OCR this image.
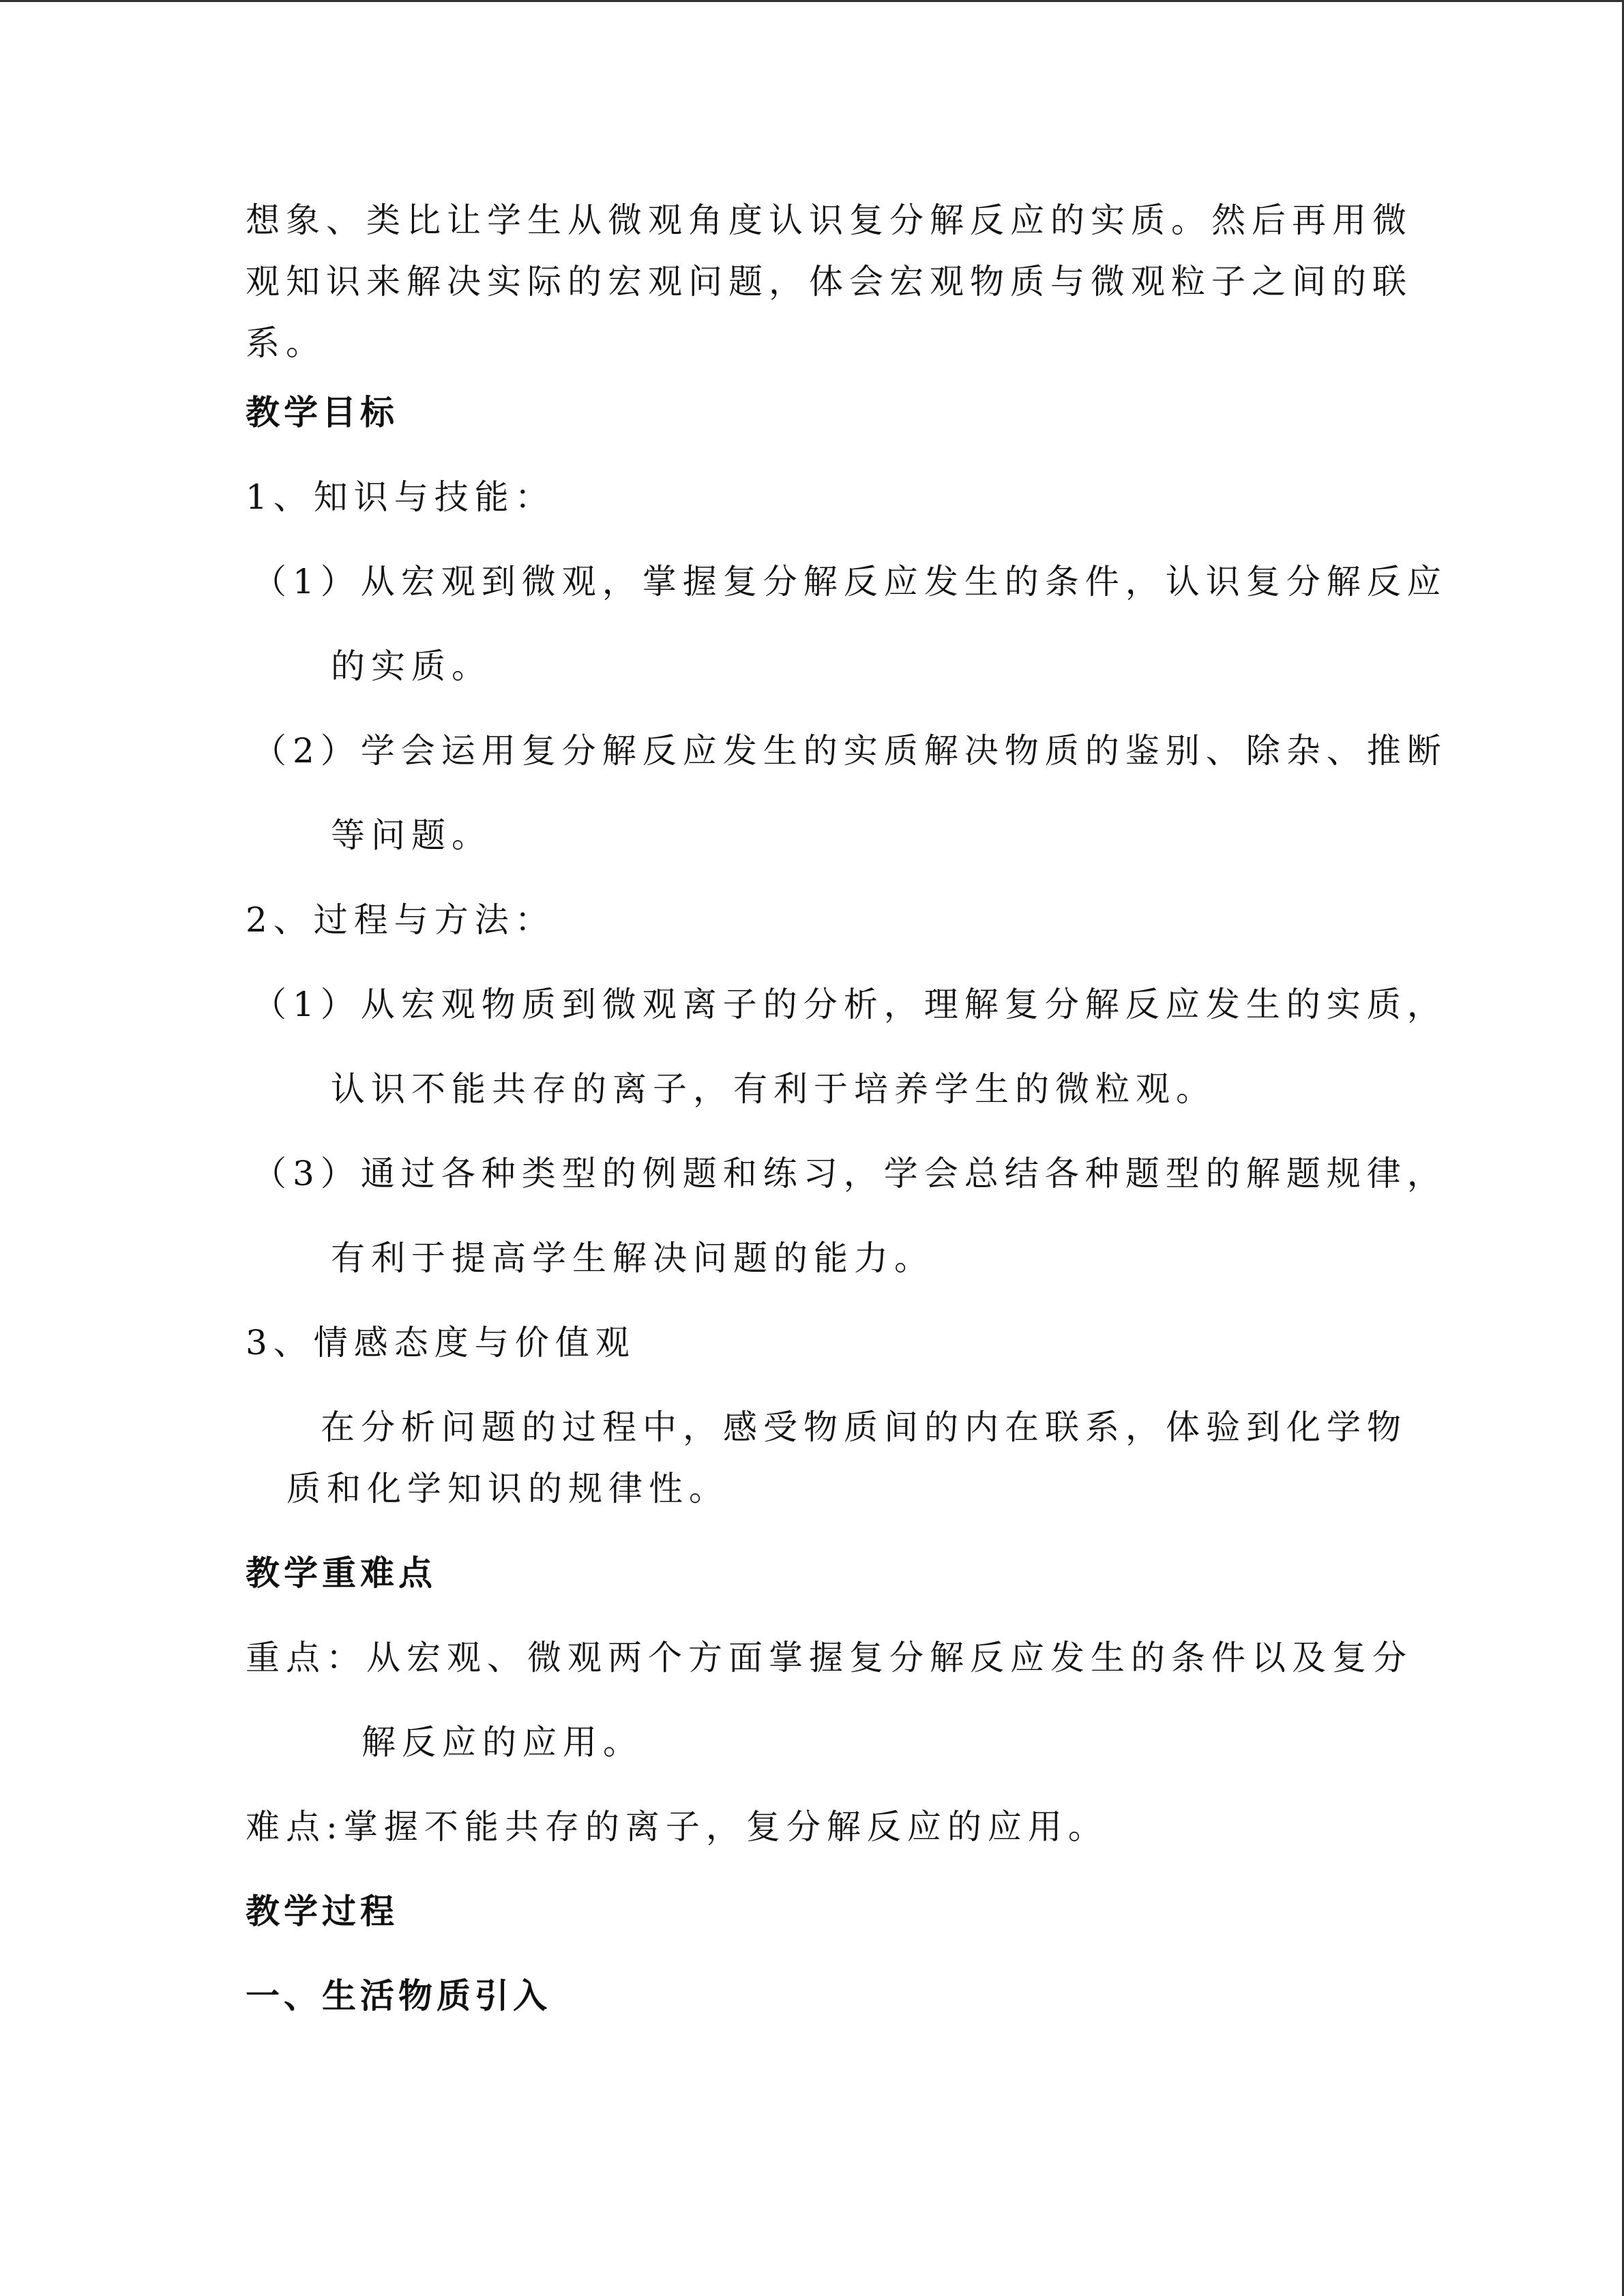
想象、类比让学生从微观角度认识复分解反应的实质。然后再用微
观知识来解决实际的宏观问题，体会宏观物质与微观粒子之间的联
系。
教学目标
1、知识与技能：
（1）从宏观到微观，掌握复分解反应发生的条件，认识复分解反应
的实质。
（2）学会运用复分解反应发生的实质解决物质的鉴别、除杂、推断
等问题。
2、过程与方法：
（1）从宏观物质到微观离子的分析，理解复分解反应发生的实质，
认识不能共存的离子，有利于培养学生的微粒观。
（3）通过各种类型的例题和练习，学会总结各种题型的解题规律，
有利于提高学生解决问题的能力。
3、情感态度与价值观
在分析问题的过程中，感受物质间的内在联系，体验到化学物
质和化学知识的规律性。
教学重难点
重点：从宏观、微观两个方面掌握复分解反应发生的条件以及复分
解反应的应用。
难点:掌握不能共存的离子，复分解反应的应用。
教学过程
一、生活物质引入
